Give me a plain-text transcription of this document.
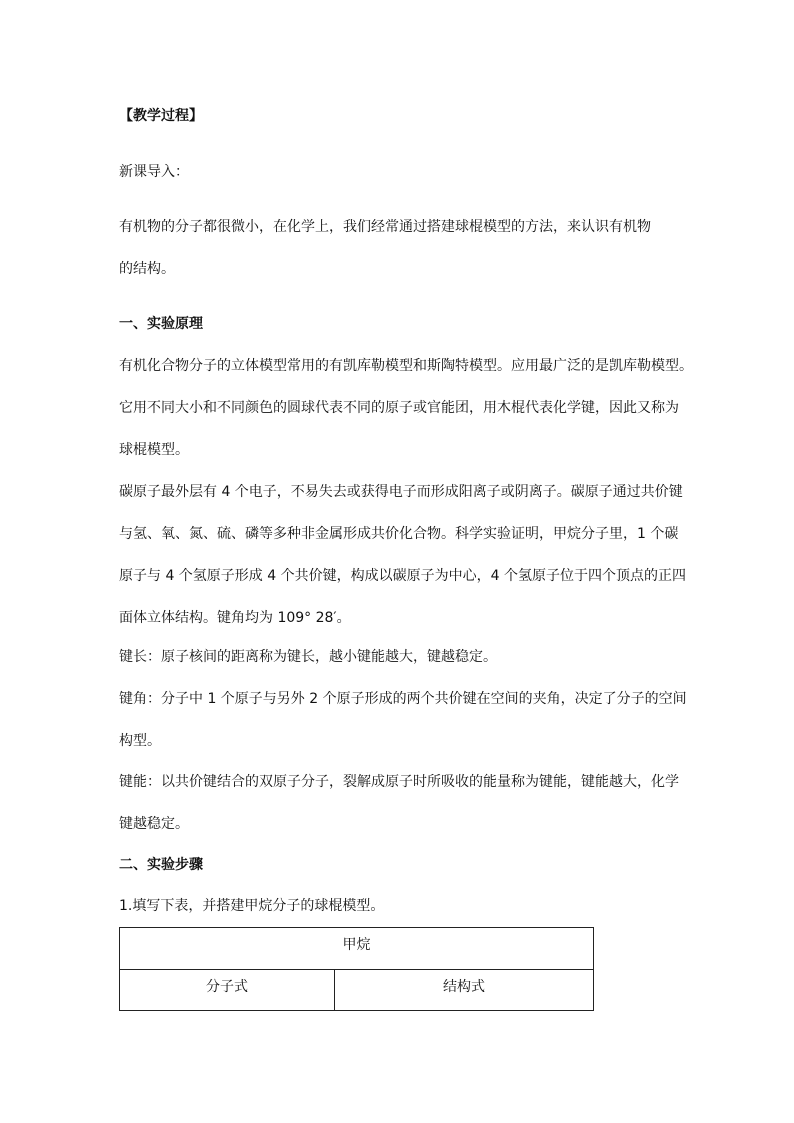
【教学过程】
新课导入：
有机物的分子都很微小，在化学上，我们经常通过搭建球棍模型的方法，来认识有机物
的结构。
一、实验原理
有机化合物分子的立体模型常用的有凯库勒模型和斯陶特模型。应用最广泛的是凯库勒模型。
它用不同大小和不同颜色的圆球代表不同的原子或官能团，用木棍代表化学键，因此又称为
球棍模型。
碳原子最外层有 4 个电子，不易失去或获得电子而形成阳离子或阴离子。碳原子通过共价键
与氢、氧、氮、硫、磷等多种非金属形成共价化合物。科学实验证明，甲烷分子里，1 个碳
原子与 4 个氢原子形成 4 个共价键，构成以碳原子为中心，4 个氢原子位于四个顶点的正四
面体立体结构。键角均为 109° 28′。
键长：原子核间的距离称为键长，越小键能越大，键越稳定。
键角：分子中 1 个原子与另外 2 个原子形成的两个共价键在空间的夹角，决定了分子的空间
构型。
键能：以共价键结合的双原子分子，裂解成原子时所吸收的能量称为键能，键能越大，化学
键越稳定。
二、实验步骤
1.填写下表，并搭建甲烷分子的球棍模型。
甲烷
分子式	结构式
